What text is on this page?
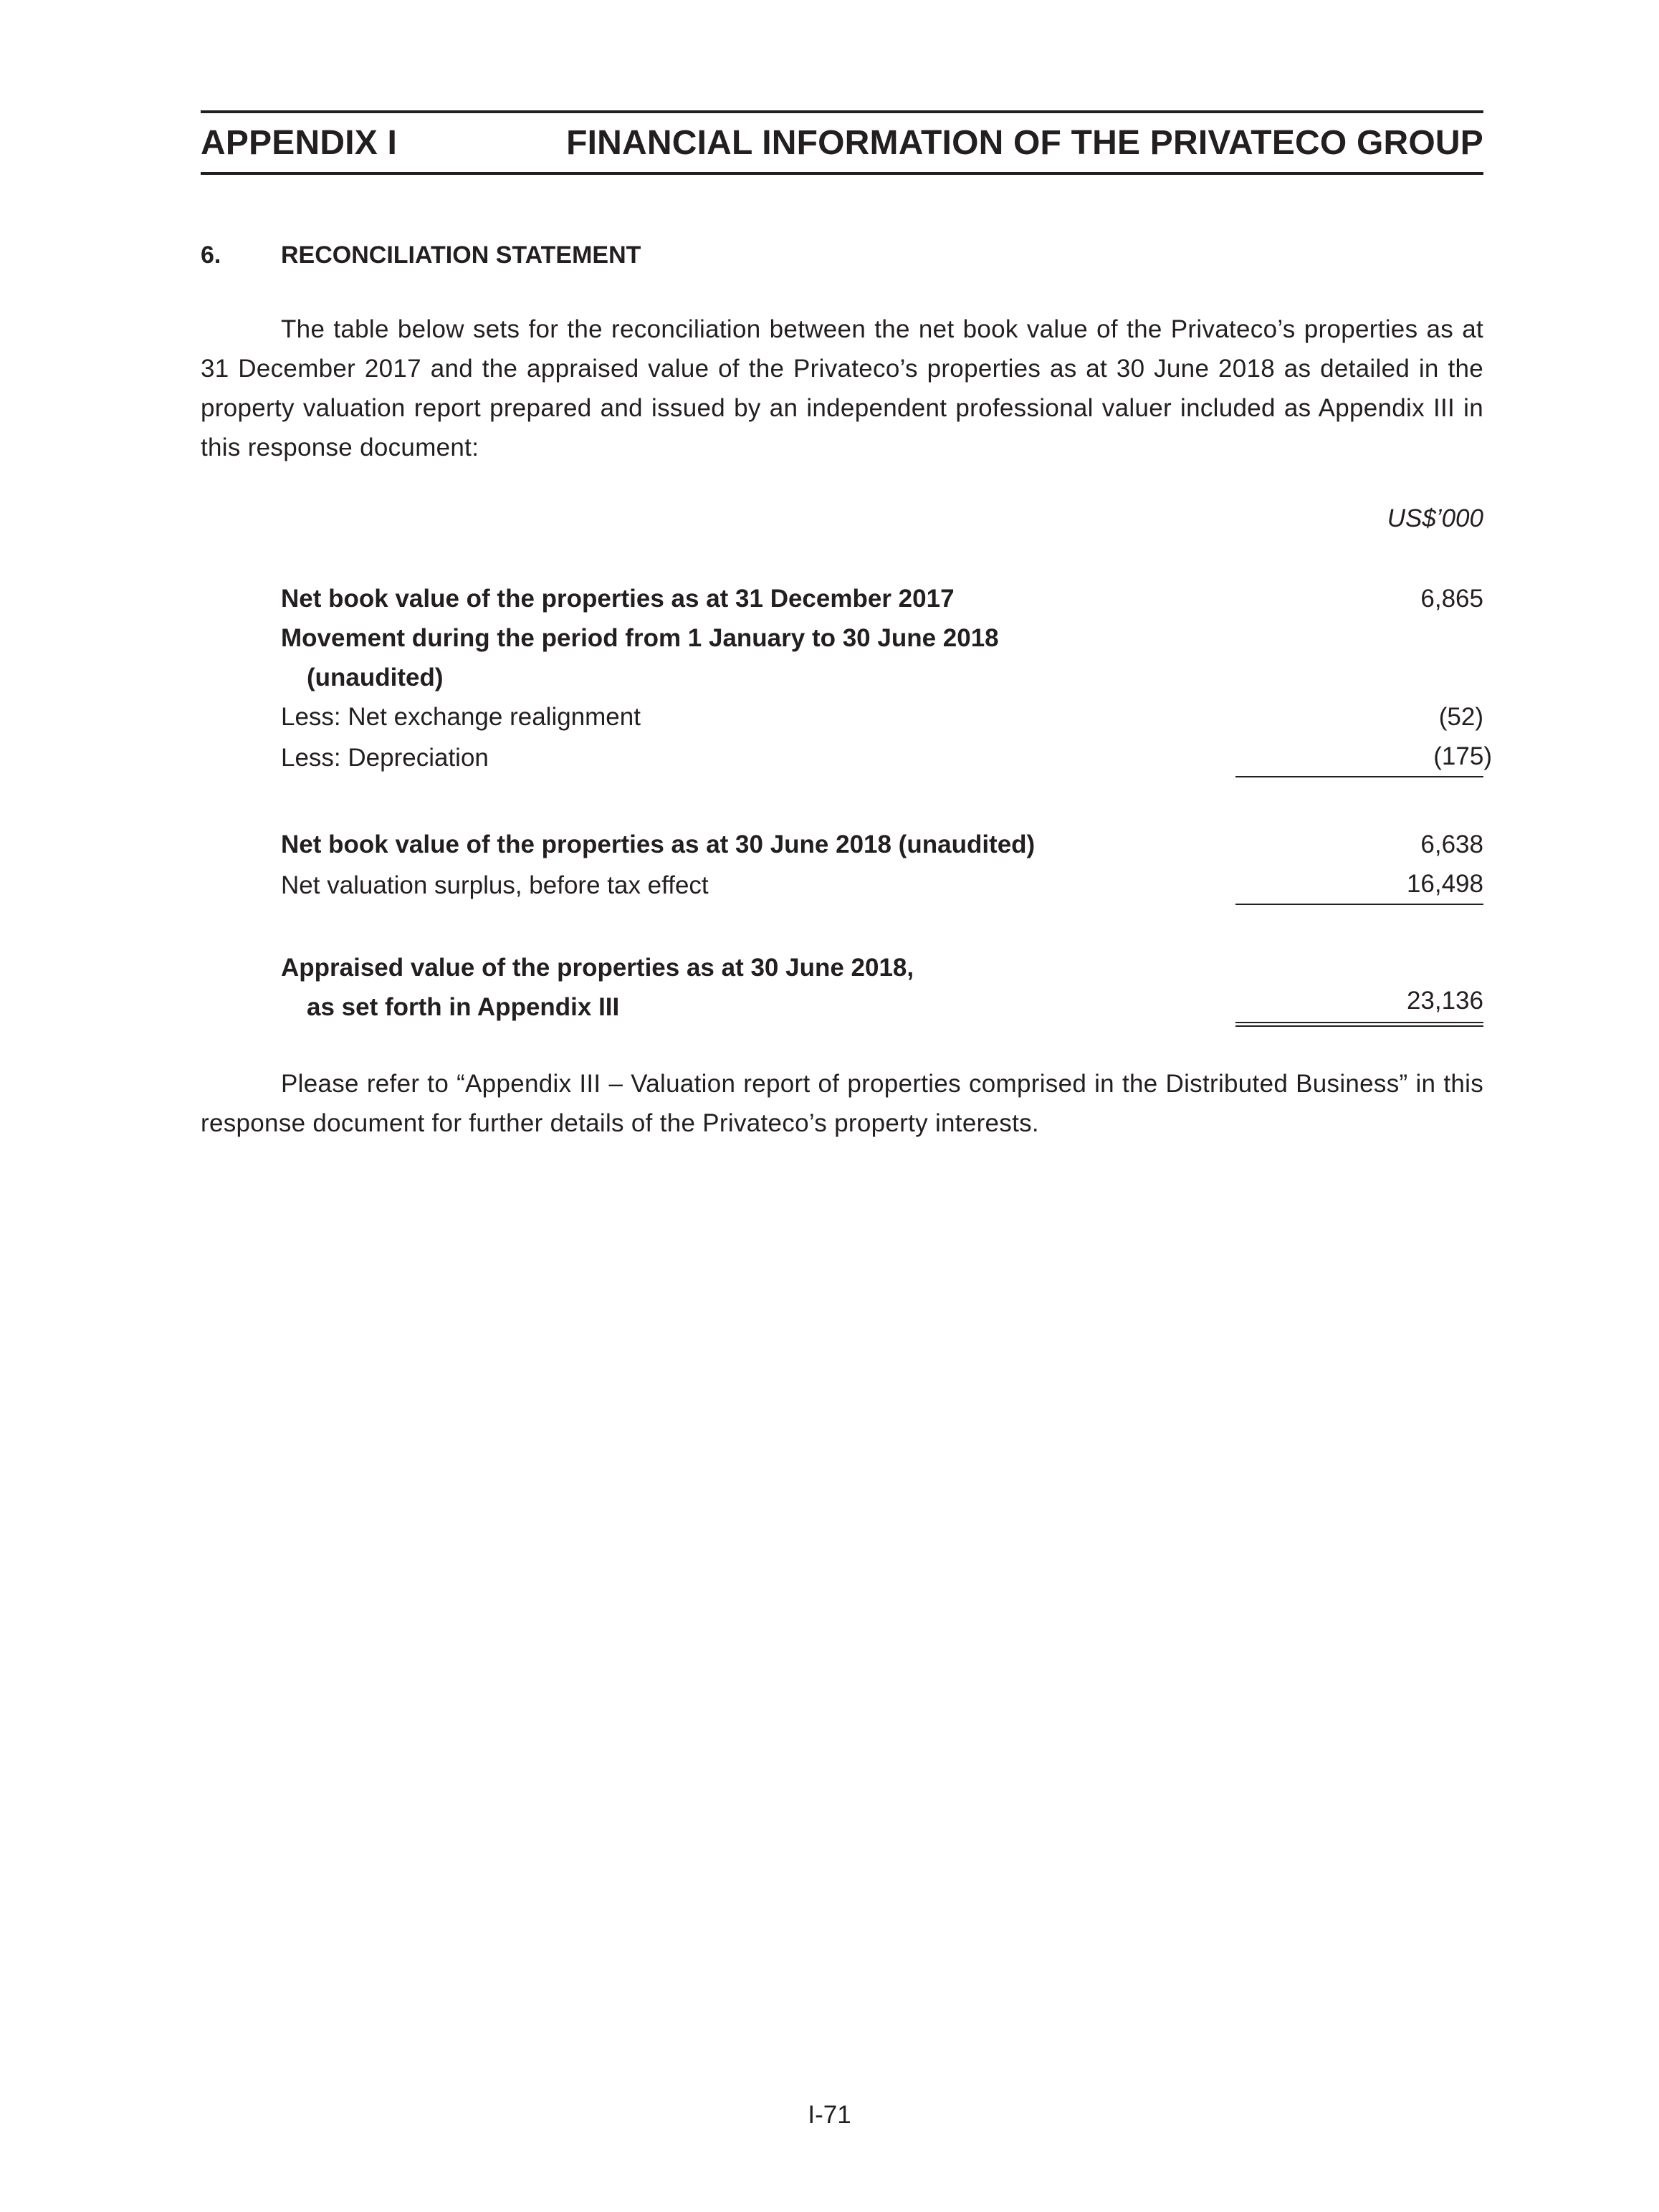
APPENDIX I	FINANCIAL INFORMATION OF THE PRIVATECO GROUP
6.	RECONCILIATION STATEMENT

The table below sets for the reconciliation between the net book value of the Privateco’s properties as at 31 December 2017 and the appraised value of the Privateco’s properties as at 30 June 2018 as detailed in the property valuation report prepared and issued by an independent professional valuer included as Appendix III in this response document:

US$’000
Net book value of the properties as at 31 December 2017	6,865
Movement during the period from 1 January to 30 June 2018
(unaudited)
Less: Net exchange realignment	(52)
Less: Depreciation	(175)
Net book value of the properties as at 30 June 2018 (unaudited)	6,638
Net valuation surplus, before tax effect	16,498
Appraised value of the properties as at 30 June 2018,
as set forth in Appendix III	23,136

Please refer to “Appendix III – Valuation report of properties comprised in the Distributed Business” in this response document for further details of the Privateco’s property interests.

I-71
